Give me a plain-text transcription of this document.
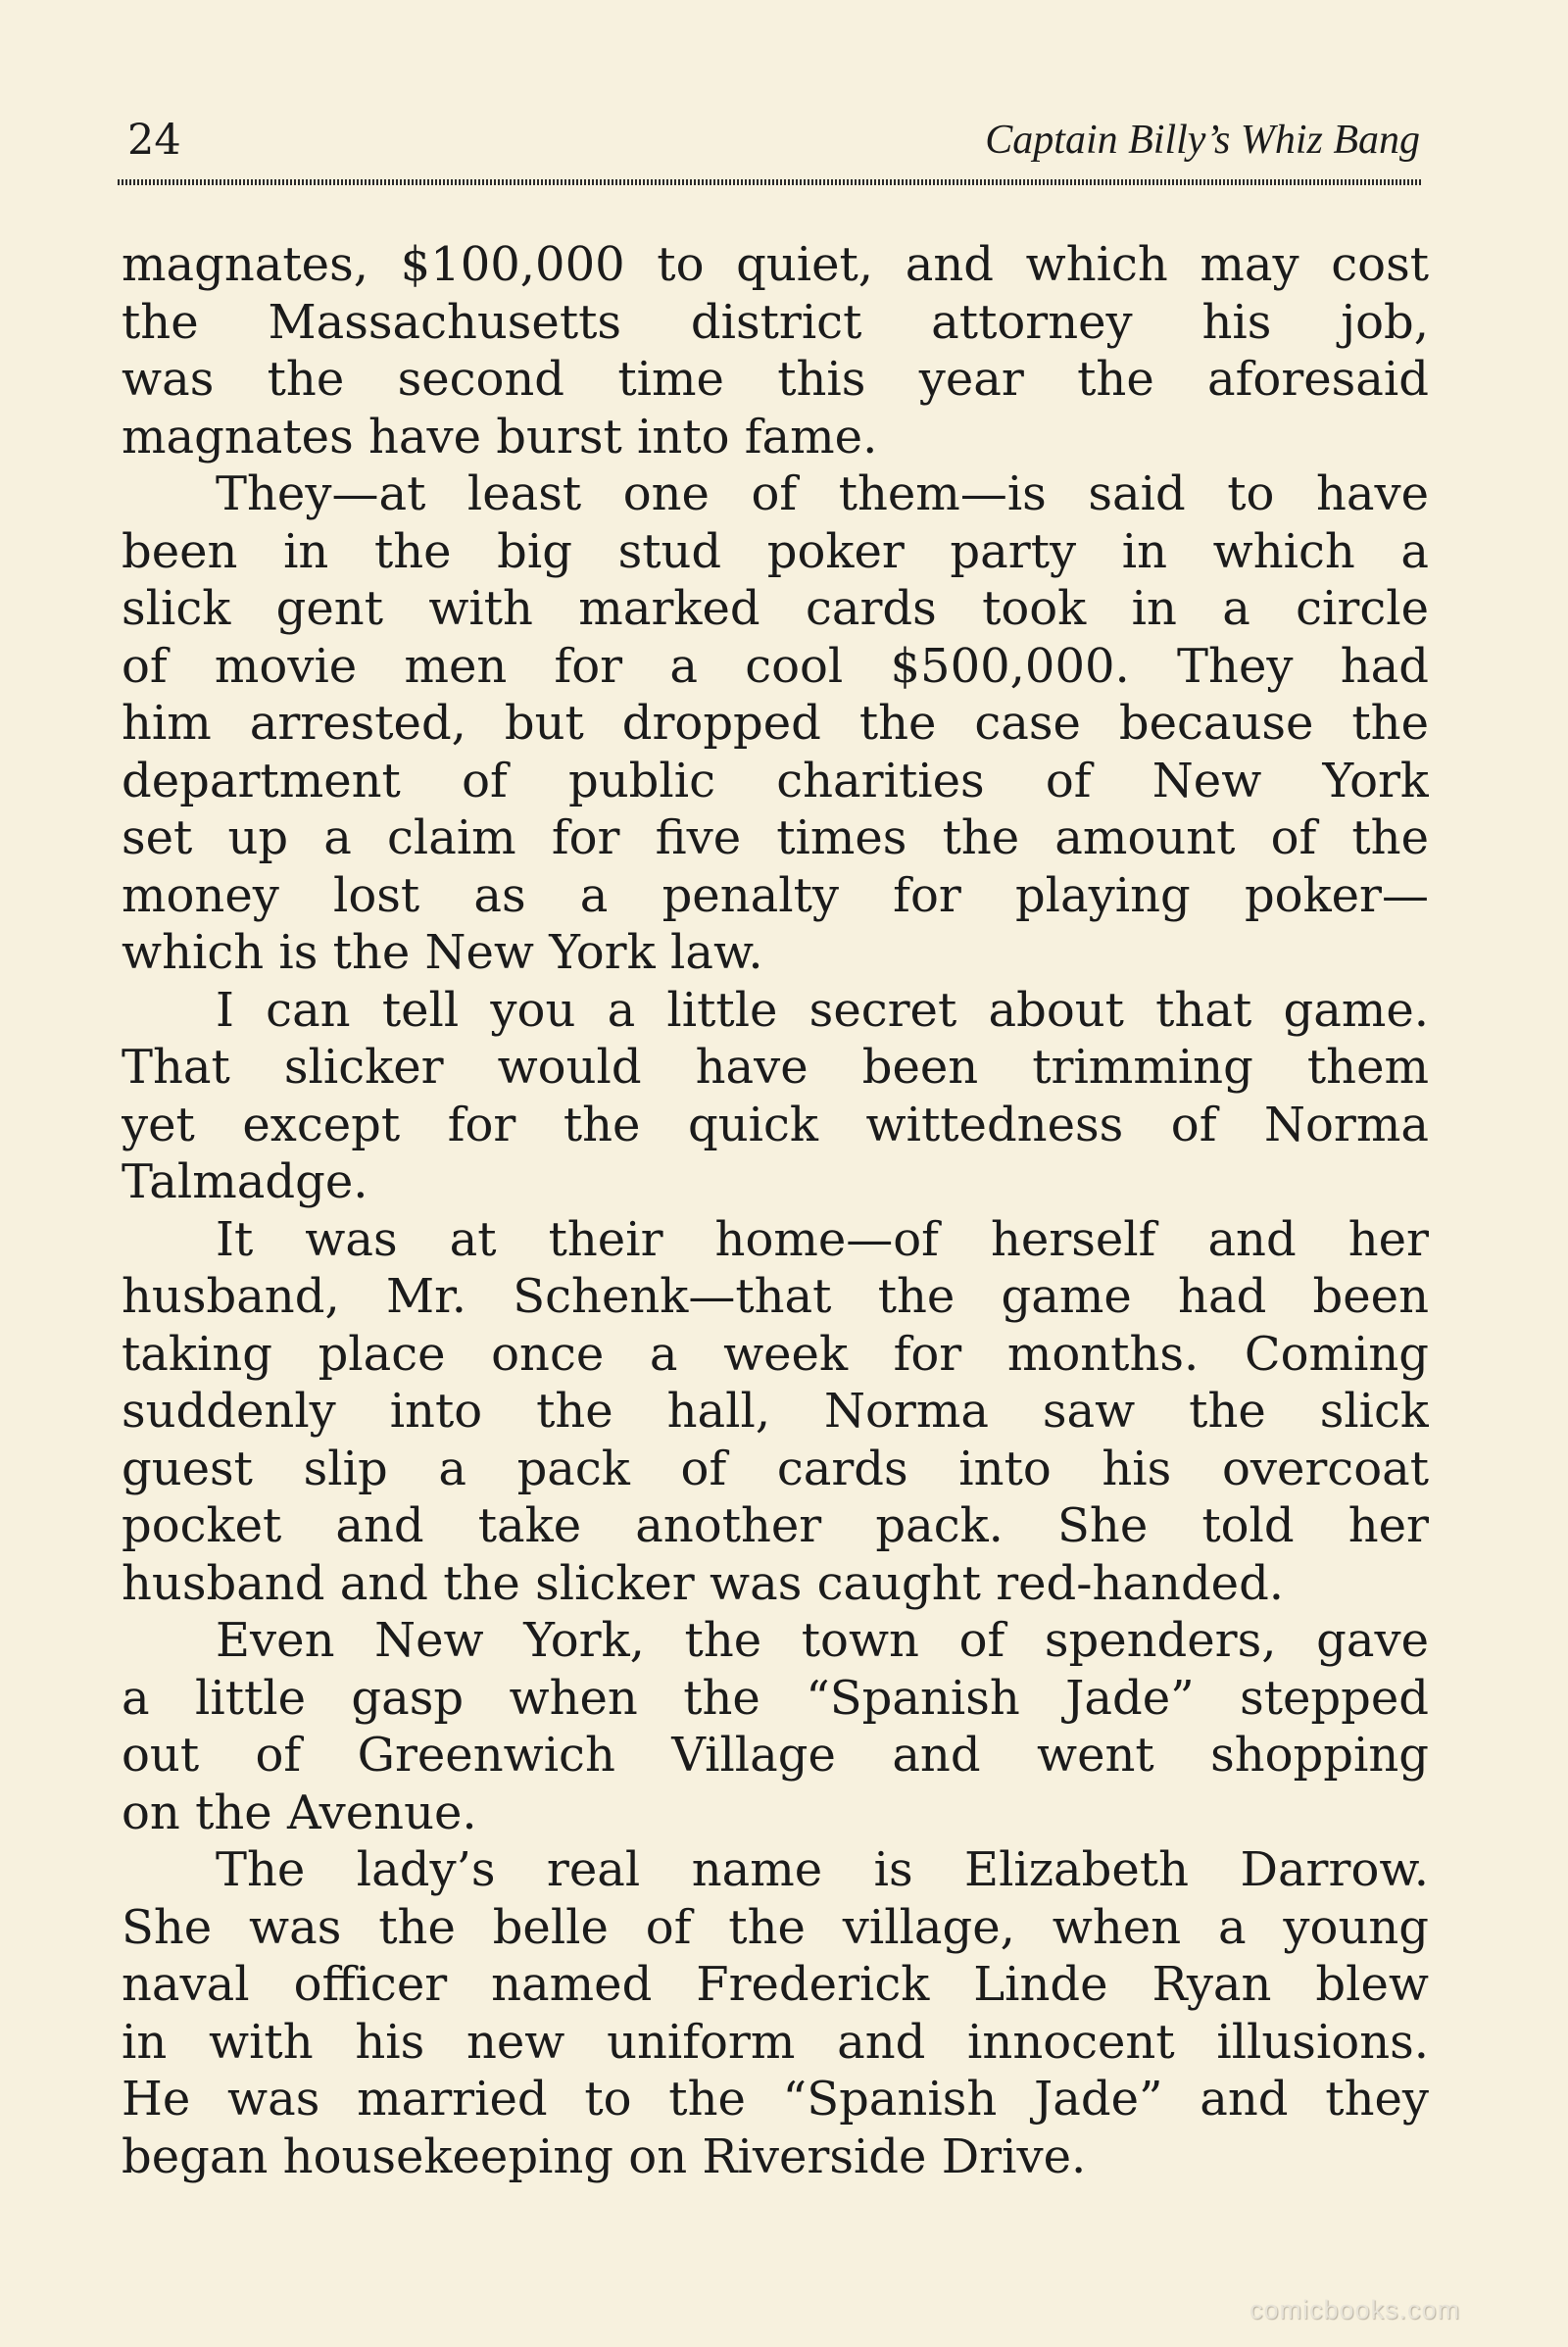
24	Captain Billy’s Whiz Bang
magnates, $100,000 to quiet, and which may cost
the Massachusetts district attorney his job,
was the second time this year the aforesaid
magnates have burst into fame.
They—at least one of them—is said to have
been in the big stud poker party in which a
slick gent with marked cards took in a circle
of movie men for a cool $500,000. They had
him arrested, but dropped the case because the
department of public charities of New York
set up a claim for five times the amount of the
money lost as a penalty for playing poker—
which is the New York law.
I can tell you a little secret about that game.
That slicker would have been trimming them
yet except for the quick wittedness of Norma
Talmadge.
It was at their home—of herself and her
husband, Mr. Schenk—that the game had been
taking place once a week for months. Coming
suddenly into the hall, Norma saw the slick
guest slip a pack of cards into his overcoat
pocket and take another pack. She told her
husband and the slicker was caught red-handed.
Even New York, the town of spenders, gave
a little gasp when the “Spanish Jade” stepped
out of Greenwich Village and went shopping
on the Avenue.
The lady’s real name is Elizabeth Darrow.
She was the belle of the village, when a young
naval officer named Frederick Linde Ryan blew
in with his new uniform and innocent illusions.
He was married to the “Spanish Jade” and they
began housekeeping on Riverside Drive.
comicbooks.com
